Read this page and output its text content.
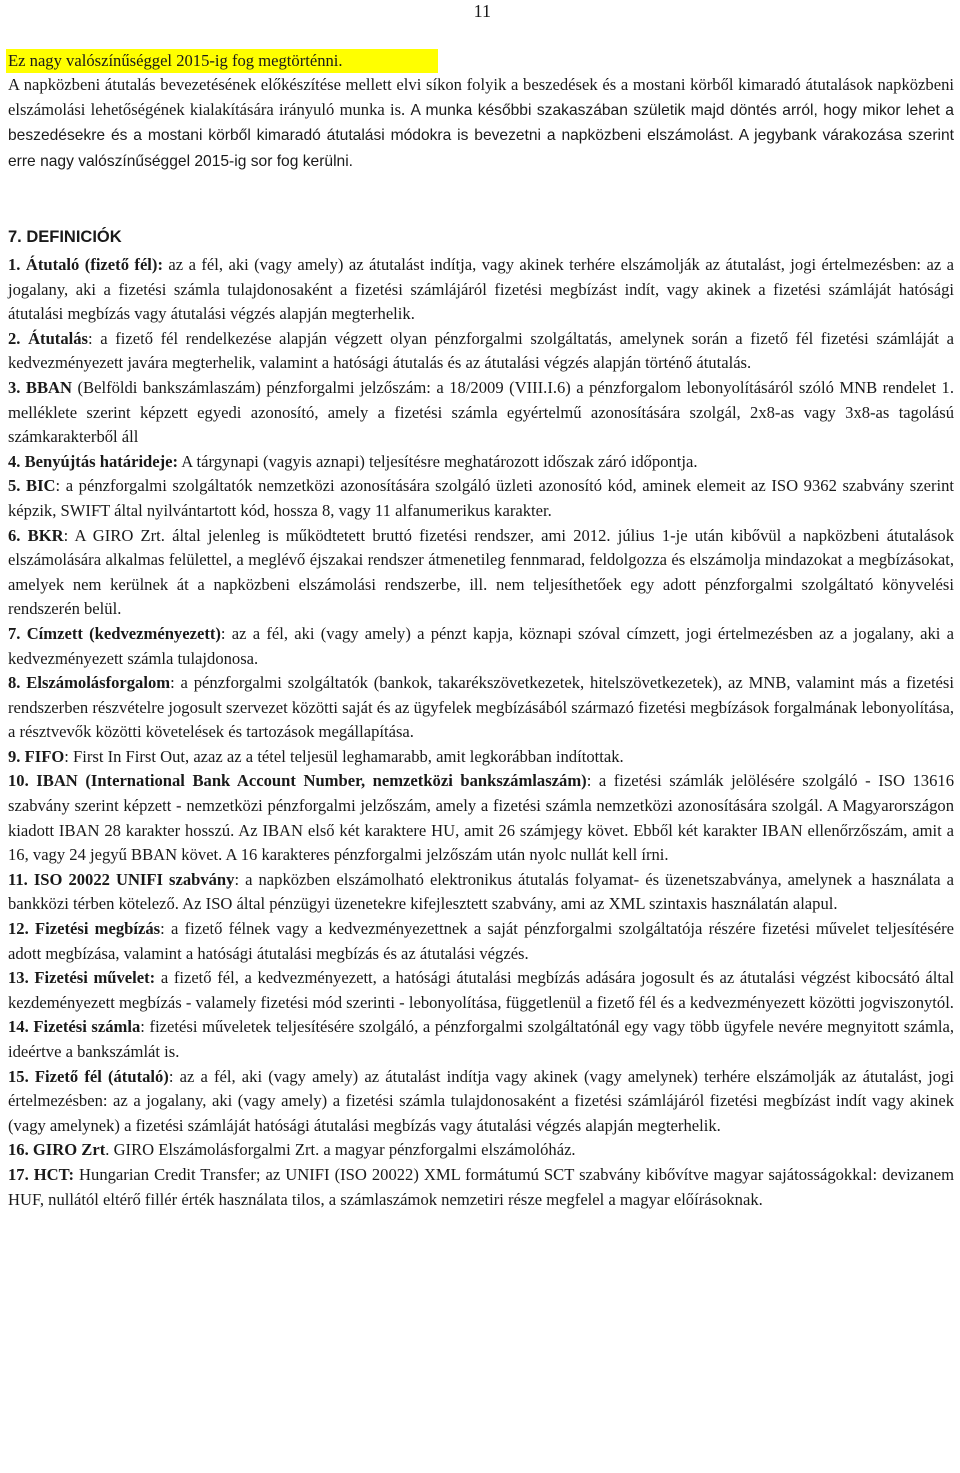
11
Ez nagy valószínűséggel 2015-ig fog megtörténni.

A napközbeni átutalás bevezetésének előkészítése mellett elvi síkon folyik a beszedések és a mostani körből kimaradó átutalások napközbeni elszámolási lehetőségének kialakítására irányuló munka is. A munka későbbi szakaszában születik majd döntés arról, hogy mikor lehet a beszedésekre és a mostani körből kimaradó átutalási módokra is bevezetni a napközbeni elszámolást. A jegybank várakozása szerint erre nagy valószínűséggel 2015-ig sor fog kerülni.

7. DEFINICIÓK

1. Átutaló (fizető fél): az a fél, aki (vagy amely) az átutalást indítja, vagy akinek terhére elszámolják az átutalást, jogi értelmezésben: az a jogalany, aki a fizetési számla tulajdonosaként a fizetési számlájáról fizetési megbízást indít, vagy akinek a fizetési számláját hatósági átutalási megbízás vagy átutalási végzés alapján megterhelik.

2. Átutalás: a fizető fél rendelkezése alapján végzett olyan pénzforgalmi szolgáltatás, amelynek során a fizető fél fizetési számláját a kedvezményezett javára megterhelik, valamint a hatósági átutalás és az átutalási végzés alapján történő átutalás.

3. BBAN (Belföldi bankszámlaszám) pénzforgalmi jelzőszám: a 18/2009 (VIII.I.6) a pénzforgalom lebonyolításáról szóló MNB rendelet 1. melléklete szerint képzett egyedi azonosító, amely a fizetési számla egyértelmű azonosítására szolgál, 2x8-as vagy 3x8-as tagolású számkarakterből áll

4. Benyújtás határideje: A tárgynapi (vagyis aznapi) teljesítésre meghatározott időszak záró időpontja.

5. BIC: a pénzforgalmi szolgáltatók nemzetközi azonosítására szolgáló üzleti azonosító kód, aminek elemeit az ISO 9362 szabvány szerint képzik, SWIFT által nyilvántartott kód, hossza 8, vagy 11 alfanumerikus karakter.

6. BKR: A GIRO Zrt. által jelenleg is működtetett bruttó fizetési rendszer, ami 2012. július 1-je után kibővül a napközbeni átutalások elszámolására alkalmas felülettel, a meglévő éjszakai rendszer átmenetileg fennmarad, feldolgozza és elszámolja mindazokat a megbízásokat, amelyek nem kerülnek át a napközbeni elszámolási rendszerbe, ill. nem teljesíthetőek egy adott pénzforgalmi szolgáltató könyvelési rendszerén belül.

7. Címzett (kedvezményezett): az a fél, aki (vagy amely) a pénzt kapja, köznapi szóval címzett, jogi értelmezésben az a jogalany, aki a kedvezményezett számla tulajdonosa.

8. Elszámolásforgalom: a pénzforgalmi szolgáltatók (bankok, takarékszövetkezetek, hitelszövetkezetek), az MNB, valamint más a fizetési rendszerben részvételre jogosult szervezet közötti saját és az ügyfelek megbízásából származó fizetési megbízások forgalmának lebonyolítása, a résztvevők közötti követelések és tartozások megállapítása.

9. FIFO: First In First Out, azaz az a tétel teljesül leghamarabb, amit legkorábban indítottak.

10. IBAN (International Bank Account Number, nemzetközi bankszámlaszám): a fizetési számlák jelölésére szolgáló - ISO 13616 szabvány szerint képzett - nemzetközi pénzforgalmi jelzőszám, amely a fizetési számla nemzetközi azonosítására szolgál. A Magyarországon kiadott IBAN 28 karakter hosszú. Az IBAN első két karaktere HU, amit 26 számjegy követ. Ebből két karakter IBAN ellenőrzőszám, amit a 16, vagy 24 jegyű BBAN követ. A 16 karakteres pénzforgalmi jelzőszám után nyolc nullát kell írni.

11. ISO 20022 UNIFI szabvány: a napközben elszámolható elektronikus átutalás folyamat- és üzenetszabványa, amelynek a használata a bankközi térben kötelező. Az ISO által pénzügyi üzenetekre kifejlesztett szabvány, ami az XML szintaxis használatán alapul.

12. Fizetési megbízás: a fizető félnek vagy a kedvezményezettnek a saját pénzforgalmi szolgáltatója részére fizetési művelet teljesítésére adott megbízása, valamint a hatósági átutalási megbízás és az átutalási végzés.

13. Fizetési művelet: a fizető fél, a kedvezményezett, a hatósági átutalási megbízás adására jogosult és az átutalási végzést kibocsátó által kezdeményezett megbízás - valamely fizetési mód szerinti - lebonyolítása, függetlenül a fizető fél és a kedvezményezett közötti jogviszonytól.

14. Fizetési számla: fizetési műveletek teljesítésére szolgáló, a pénzforgalmi szolgáltatónál egy vagy több ügyfele nevére megnyitott számla, ideértve a bankszámlát is.

15. Fizető fél (átutaló): az a fél, aki (vagy amely) az átutalást indítja vagy akinek (vagy amelynek) terhére elszámolják az átutalást, jogi értelmezésben: az a jogalany, aki (vagy amely) a fizetési számla tulajdonosaként a fizetési számlájáról fizetési megbízást indít vagy akinek (vagy amelynek) a fizetési számláját hatósági átutalási megbízás vagy átutalási végzés alapján megterhelik.

16. GIRO Zrt. GIRO Elszámolásforgalmi Zrt. a magyar pénzforgalmi elszámolóház.

17. HCT: Hungarian Credit Transfer; az UNIFI (ISO 20022) XML formátumú SCT szabvány kibővítve magyar sajátosságokkal: devizanem HUF, nullától eltérő fillér érték használata tilos, a számlaszámok nemzetiri része megfelel a magyar előírásoknak.
